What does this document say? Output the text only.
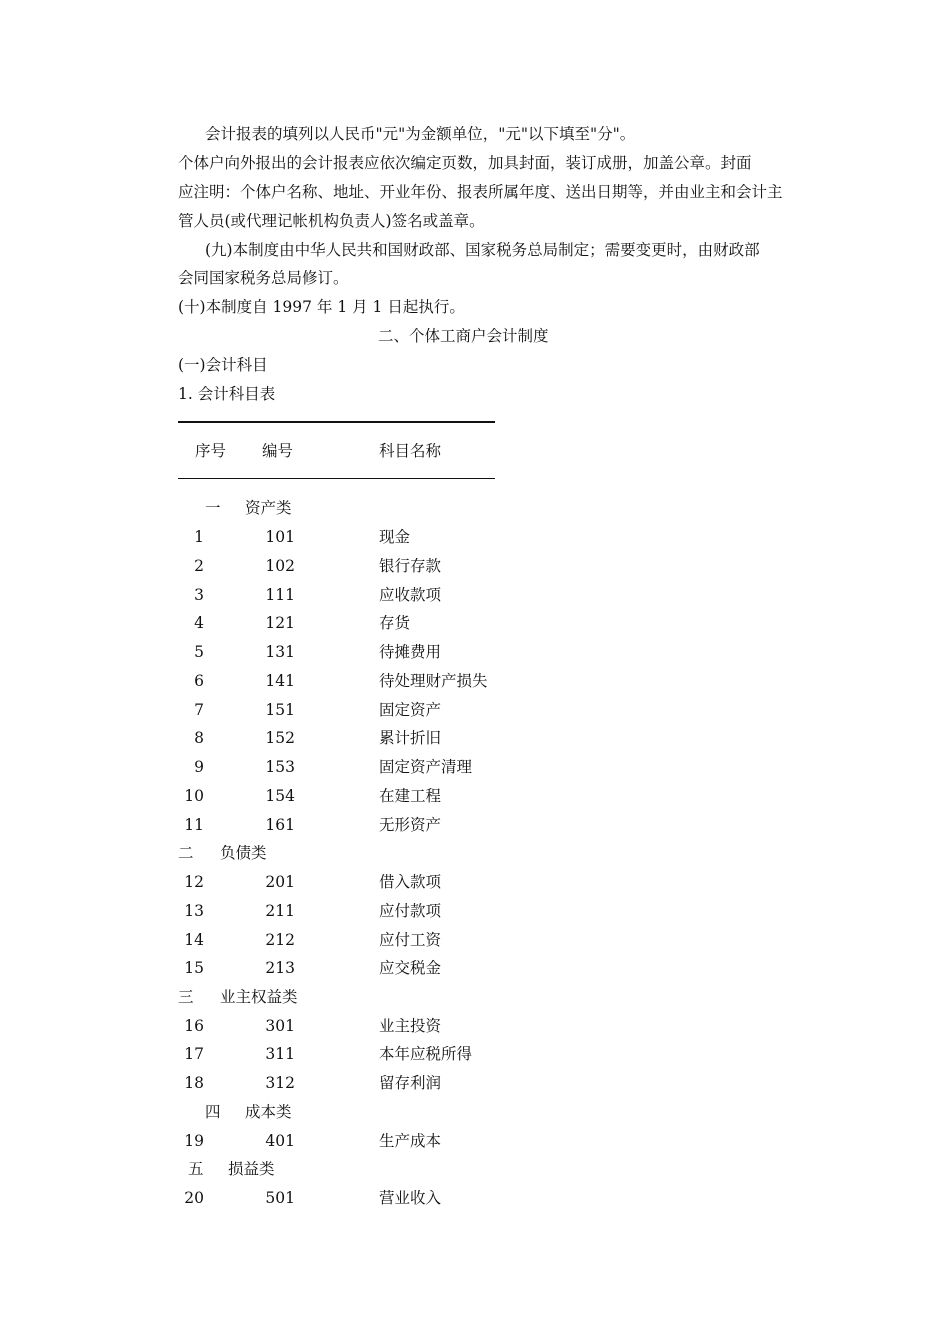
会计报表的填列以人民币"元"为金额单位，"元"以下填至"分"。
个体户向外报出的会计报表应依次编定页数，加具封面，装订成册，加盖公章。封面
应注明：个体户名称、地址、开业年份、报表所属年度、送出日期等，并由业主和会计主
管人员(或代理记帐机构负责人)签名或盖章。
(九)本制度由中华人民共和国财政部、国家税务总局制定；需要变更时，由财政部
会同国家税务总局修订。
(十)本制度自 1997 年 1 月 1 日起执行。
二、个体工商户会计制度
(一)会计科目
1. 会计科目表
序号 编号	科目名称
一 资产类
1	101	现金
2	102	银行存款
3	111	应收款项
4	121	存货
5	131	待摊费用
6	141	待处理财产损失
7	151	固定资产
8	152	累计折旧
9	153	固定资产清理
10	154	在建工程
11	161	无形资产
二 负债类
12	201	借入款项
13	211	应付款项
14	212	应付工资
15	213	应交税金
三 业主权益类
16	301	业主投资
17	311	本年应税所得
18	312	留存利润
四 成本类
19	401	生产成本
五 损益类
20	501	营业收入
